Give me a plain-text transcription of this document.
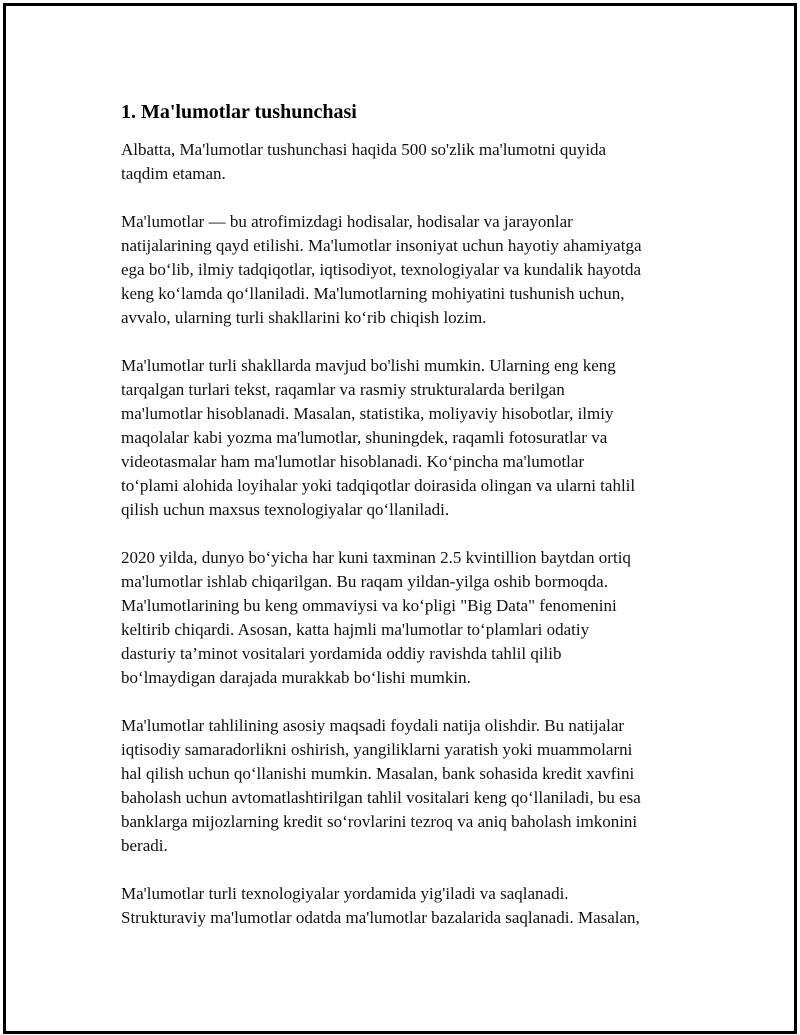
1. Ma'lumotlar tushunchasi

Albatta, Ma'lumotlar tushunchasi haqida 500 so'zlik ma'lumotni quyida
taqdim etaman.

Ma'lumotlar — bu atrofimizdagi hodisalar, hodisalar va jarayonlar
natijalarining qayd etilishi. Ma'lumotlar insoniyat uchun hayotiy ahamiyatga
ega bo‘lib, ilmiy tadqiqotlar, iqtisodiyot, texnologiyalar va kundalik hayotda
keng ko‘lamda qo‘llaniladi. Ma'lumotlarning mohiyatini tushunish uchun,
avvalo, ularning turli shakllarini ko‘rib chiqish lozim.

Ma'lumotlar turli shakllarda mavjud bo'lishi mumkin. Ularning eng keng
tarqalgan turlari tekst, raqamlar va rasmiy strukturalarda berilgan
ma'lumotlar hisoblanadi. Masalan, statistika, moliyaviy hisobotlar, ilmiy
maqolalar kabi yozma ma'lumotlar, shuningdek, raqamli fotosuratlar va
videotasmalar ham ma'lumotlar hisoblanadi. Ko‘pincha ma'lumotlar
to‘plami alohida loyihalar yoki tadqiqotlar doirasida olingan va ularni tahlil
qilish uchun maxsus texnologiyalar qo‘llaniladi.

2020 yilda, dunyo bo‘yicha har kuni taxminan 2.5 kvintillion baytdan ortiq
ma'lumotlar ishlab chiqarilgan. Bu raqam yildan-yilga oshib bormoqda.
Ma'lumotlarining bu keng ommaviysi va ko‘pligi "Big Data" fenomenini
keltirib chiqardi. Asosan, katta hajmli ma'lumotlar to‘plamlari odatiy
dasturiy ta’minot vositalari yordamida oddiy ravishda tahlil qilib
bo‘lmaydigan darajada murakkab bo‘lishi mumkin.

Ma'lumotlar tahlilining asosiy maqsadi foydali natija olishdir. Bu natijalar
iqtisodiy samaradorlikni oshirish, yangiliklarni yaratish yoki muammolarni
hal qilish uchun qo‘llanishi mumkin. Masalan, bank sohasida kredit xavfini
baholash uchun avtomatlashtirilgan tahlil vositalari keng qo‘llaniladi, bu esa
banklarga mijozlarning kredit so‘rovlarini tezroq va aniq baholash imkonini
beradi.

Ma'lumotlar turli texnologiyalar yordamida yig'iladi va saqlanadi.
Strukturaviy ma'lumotlar odatda ma'lumotlar bazalarida saqlanadi. Masalan,
